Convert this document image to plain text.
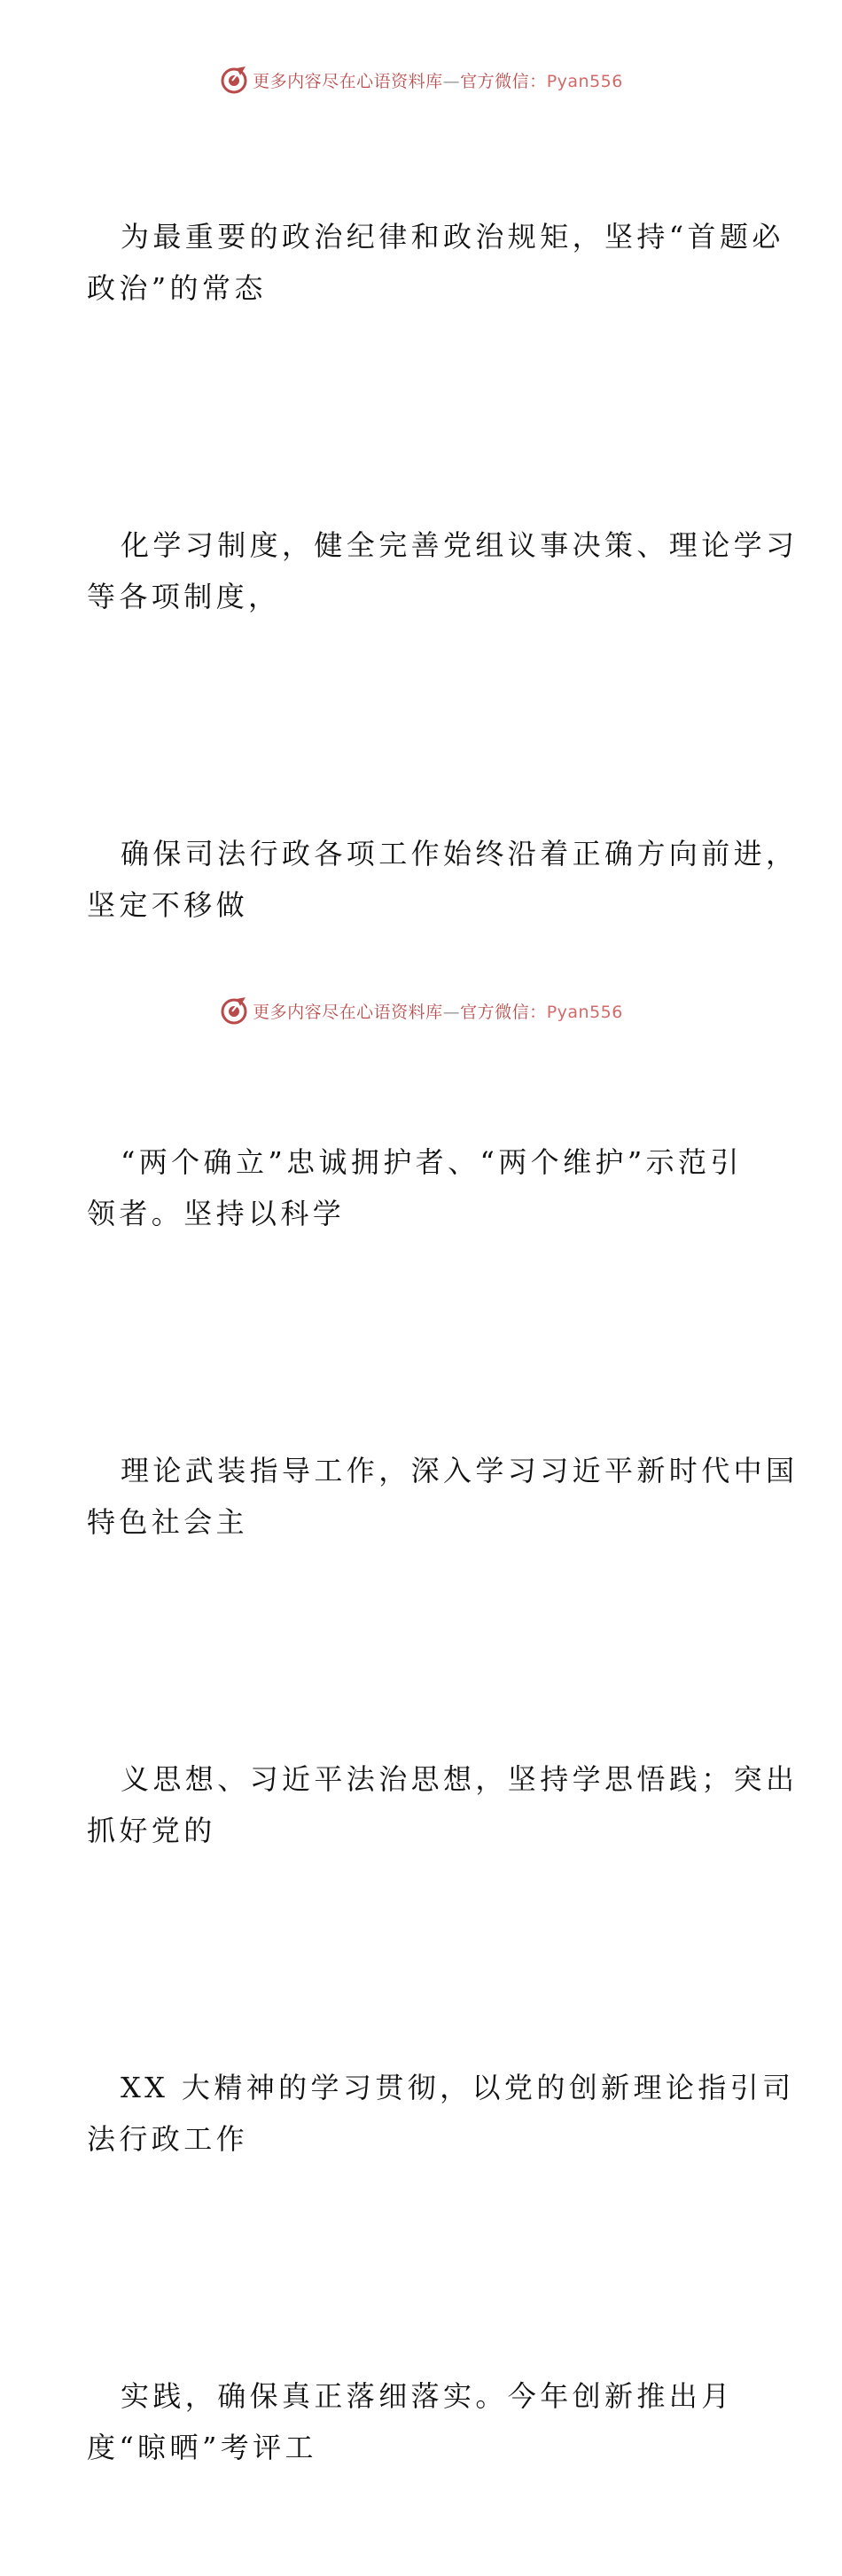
更多内容尽在心语资料库—官方微信：Pyan556

为最重要的政治纪律和政治规矩，坚持“首题必
政治”的常态

化学习制度，健全完善党组议事决策、理论学习
等各项制度，

确保司法行政各项工作始终沿着正确方向前进，
坚定不移做

“两个确立”忠诚拥护者、“两个维护”示范引
领者。坚持以科学

理论武装指导工作，深入学习习近平新时代中国
特色社会主

义思想、习近平法治思想，坚持学思悟践；突出
抓好党的

XX 大精神的学习贯彻，以党的创新理论指引司
法行政工作

实践，确保真正落细落实。今年创新推出月
度“晾晒”考评工

更多内容尽在心语资料库—官方微信：Pyan556
